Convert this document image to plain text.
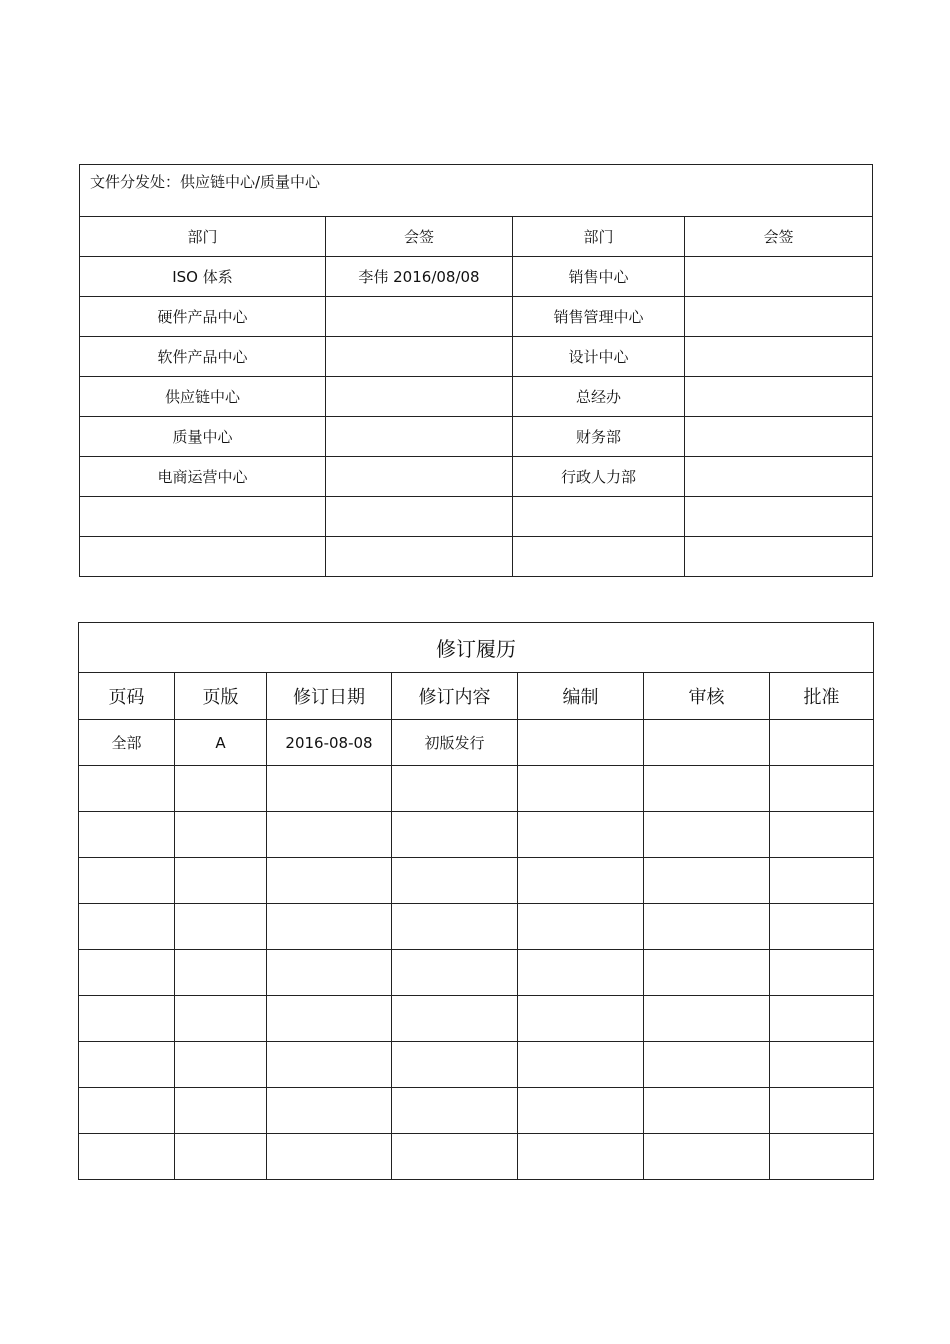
文件分发处：供应链中心/质量中心			
部门	会签	部门	会签
ISO 体系	李伟 2016/08/08	销售中心	
硬件产品中心		销售管理中心	
软件产品中心		设计中心	
供应链中心		总经办	
质量中心		财务部	
电商运营中心		行政人力部	

修订履历						
页码	页版	修订日期	修订内容	编制	审核	批准
全部	A	2016-08-08	初版发行			
